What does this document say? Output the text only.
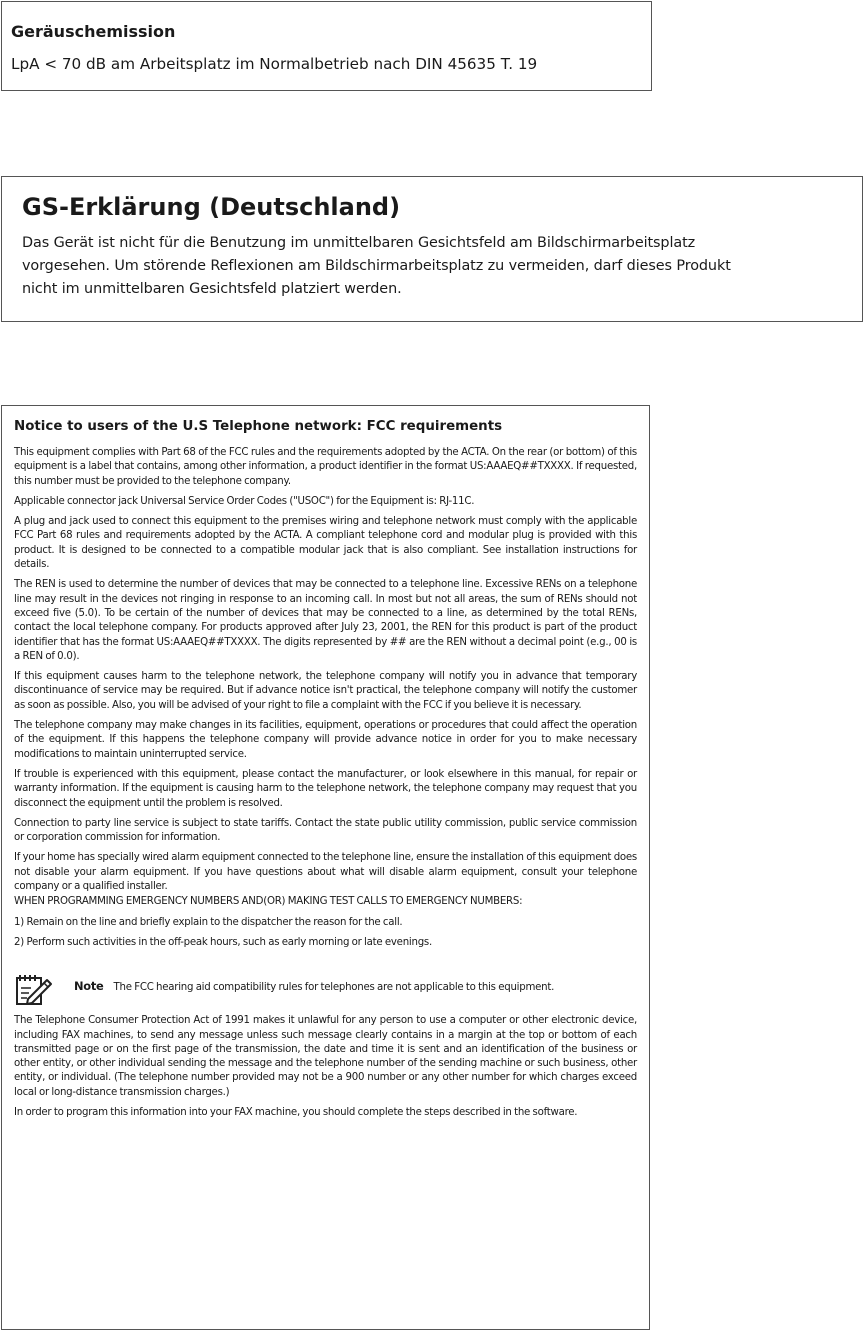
Geräuschemission
LpA < 70 dB am Arbeitsplatz im Normalbetrieb nach DIN 45635 T. 19
GS-Erklärung (Deutschland)

Das Gerät ist nicht für die Benutzung im unmittelbaren Gesichtsfeld am Bildschirmarbeitsplatz

vorgesehen. Um störende Reflexionen am Bildschirmarbeitsplatz zu vermeiden, darf dieses Produkt

nicht im unmittelbaren Gesichtsfeld platziert werden.

Notice to users of the U.S Telephone network: FCC requirements

This equipment complies with Part 68 of the FCC rules and the requirements adopted by the ACTA. On the rear (or bottom) of this equipment is a label that contains, among other information, a product identifier in the format US:AAAEQ##TXXXX. If requested, this number must be provided to the telephone company.

Applicable connector jack Universal Service Order Codes ("USOC") for the Equipment is: RJ-11C.

A plug and jack used to connect this equipment to the premises wiring and telephone network must comply with the applicable FCC Part 68 rules and requirements adopted by the ACTA. A compliant telephone cord and modular plug is provided with this product. It is designed to be connected to a compatible modular jack that is also compliant. See installation instructions for details.

The REN is used to determine the number of devices that may be connected to a telephone line. Excessive RENs on a telephone line may result in the devices not ringing in response to an incoming call. In most but not all areas, the sum of RENs should not exceed five (5.0). To be certain of the number of devices that may be connected to a line, as determined by the total RENs, contact the local telephone company. For products approved after July 23, 2001, the REN for this product is part of the product identifier that has the format US:AAAEQ##TXXXX. The digits represented by ## are the REN without a decimal point (e.g., 00 is a REN of 0.0).

If this equipment causes harm to the telephone network, the telephone company will notify you in advance that temporary discontinuance of service may be required. But if advance notice isn't practical, the telephone company will notify the customer as soon as possible. Also, you will be advised of your right to file a complaint with the FCC if you believe it is necessary.

The telephone company may make changes in its facilities, equipment, operations or procedures that could affect the operation of the equipment. If this happens the telephone company will provide advance notice in order for you to make necessary modifications to maintain uninterrupted service.

If trouble is experienced with this equipment, please contact the manufacturer, or look elsewhere in this manual, for repair or warranty information. If the equipment is causing harm to the telephone network, the telephone company may request that you disconnect the equipment until the problem is resolved.

Connection to party line service is subject to state tariffs. Contact the state public utility commission, public service commission or corporation commission for information.

If your home has specially wired alarm equipment connected to the telephone line, ensure the installation of this equipment does not disable your alarm equipment. If you have questions about what will disable alarm equipment, consult your telephone company or a qualified installer.

WHEN PROGRAMMING EMERGENCY NUMBERS AND(OR) MAKING TEST CALLS TO EMERGENCY NUMBERS:

1) Remain on the line and briefly explain to the dispatcher the reason for the call.

2) Perform such activities in the off-peak hours, such as early morning or late evenings.

Note The FCC hearing aid compatibility rules for telephones are not applicable to this equipment.

The Telephone Consumer Protection Act of 1991 makes it unlawful for any person to use a computer or other electronic device, including FAX machines, to send any message unless such message clearly contains in a margin at the top or bottom of each transmitted page or on the first page of the transmission, the date and time it is sent and an identification of the business or other entity, or other individual sending the message and the telephone number of the sending machine or such business, other entity, or individual. (The telephone number provided may not be a 900 number or any other number for which charges exceed local or long-distance transmission charges.)

In order to program this information into your FAX machine, you should complete the steps described in the software.
